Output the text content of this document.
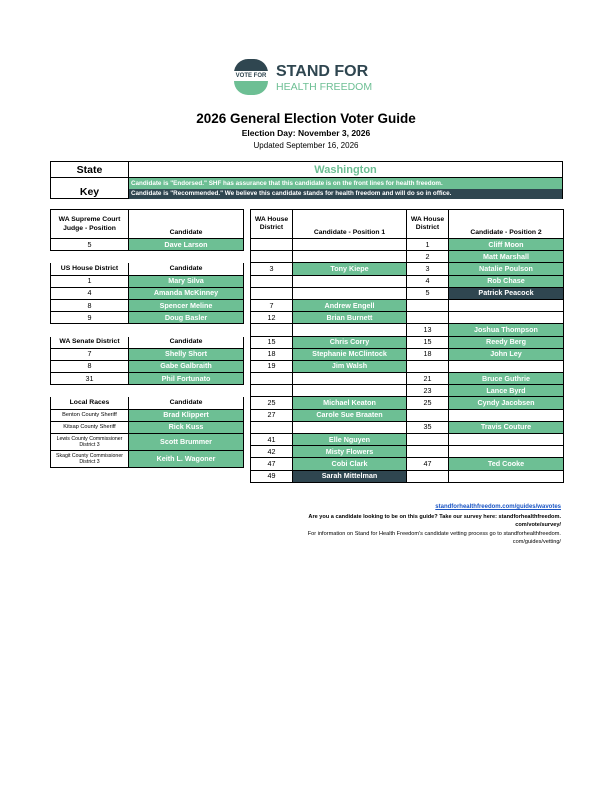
VOTE FOR STAND FOR
HEALTH FREEDOM
2026 General Election Voter Guide
Election Day: November 3, 2026
Updated September 16, 2026
State	Washington
Key
Candidate is "Endorsed." SHF has assurance that this candidate is on the front lines for health freedom.
Candidate is "Recommended." We believe this candidate stands for health freedom and will do so in office.
WA Supreme Court Judge - Position	Candidate
5	Dave Larson

US House District	Candidate
1	Mary Silva
4	Amanda McKinney
8	Spencer Meline
9	Doug Basler

WA Senate District	Candidate
7	Shelly Short
8	Gabe Galbraith
31	Phil Fortunato

Local Races	Candidate
Benton County Sheriff	Brad Klippert
Kitsap County Sheriff	Rick Kuss
Lewis County Commissioner District 3	Scott Brummer
Skagit County Commissioner District 3	Keith L. Wagoner
WA House District	Candidate - Position 1	WA House District	Candidate - Position 2
		1	Cliff Moon
		2	Matt Marshall
3	Tony Kiepe	3	Natalie Poulson
		4	Rob Chase
		5	Patrick Peacock
7	Andrew Engell		
12	Brian Burnett		
		13	Joshua Thompson
15	Chris Corry	15	Reedy Berg
18	Stephanie McClintock	18	John Ley
19	Jim Walsh		
		21	Bruce Guthrie
		23	Lance Byrd
25	Michael Keaton	25	Cyndy Jacobsen
27	Carole Sue Braaten		
		35	Travis Couture
41	Elle Nguyen		
42	Misty Flowers		
47	Cobi Clark	47	Ted Cooke
49	Sarah Mittelman		
standforhealthfreedom.com/guides/wavotes
Are you a candidate looking to be on this guide? Take our survey here: standforhealthfreedom. com/vote/survey/
For information on Stand for Health Freedom's candidate vetting process go to standforhealthfreedom. com/guides/vetting/
